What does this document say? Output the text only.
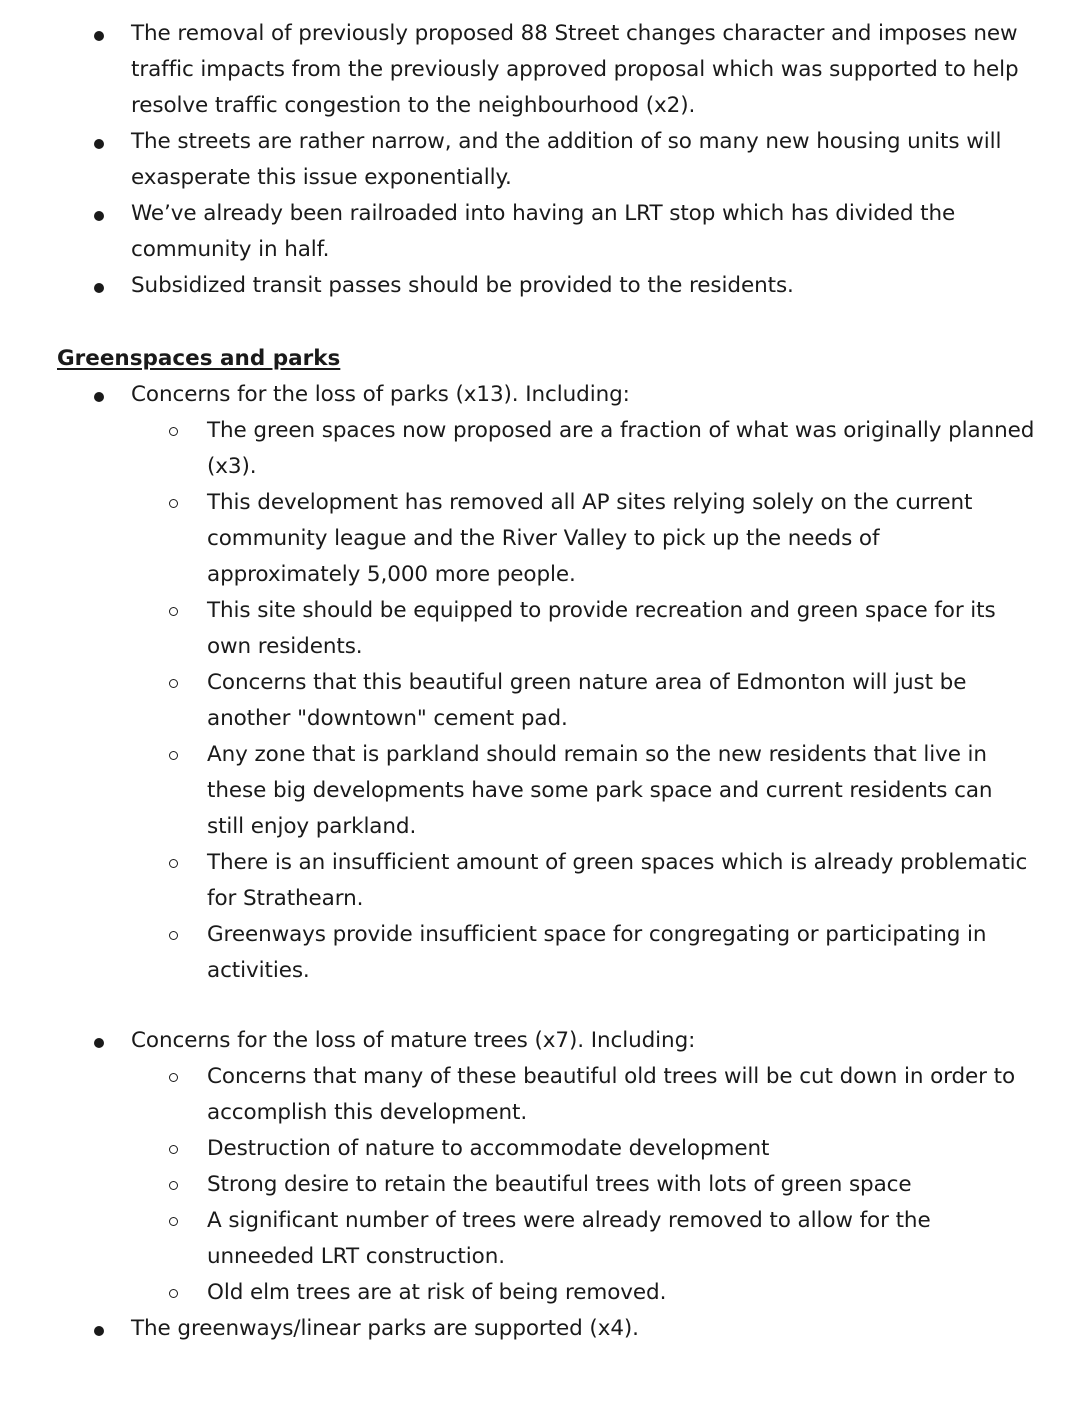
The removal of previously proposed 88 Street changes character and imposes new traffic impacts from the previously approved proposal which was supported to help resolve traffic congestion to the neighbourhood (x2).
The streets are rather narrow, and the addition of so many new housing units will exasperate this issue exponentially.
We’ve already been railroaded into having an LRT stop which has divided the community in half.
Subsidized transit passes should be provided to the residents.
Greenspaces and parks
Concerns for the loss of parks (x13). Including:
The green spaces now proposed are a fraction of what was originally planned (x3).
This development has removed all AP sites relying solely on the current community league and the River Valley to pick up the needs of approximately 5,000 more people.
This site should be equipped to provide recreation and green space for its own residents.
Concerns that this beautiful green nature area of Edmonton will just be another "downtown" cement pad.
Any zone that is parkland should remain so the new residents that live in these big developments have some park space and current residents can still enjoy parkland.
There is an insufficient amount of green spaces which is already problematic for Strathearn.
Greenways provide insufficient space for congregating or participating in activities.
Concerns for the loss of mature trees (x7). Including:
Concerns that many of these beautiful old trees will be cut down in order to accomplish this development.
Destruction of nature to accommodate development
Strong desire to retain the beautiful trees with lots of green space
A significant number of trees were already removed to allow for the unneeded LRT construction.
Old elm trees are at risk of being removed.
The greenways/linear parks are supported (x4).
